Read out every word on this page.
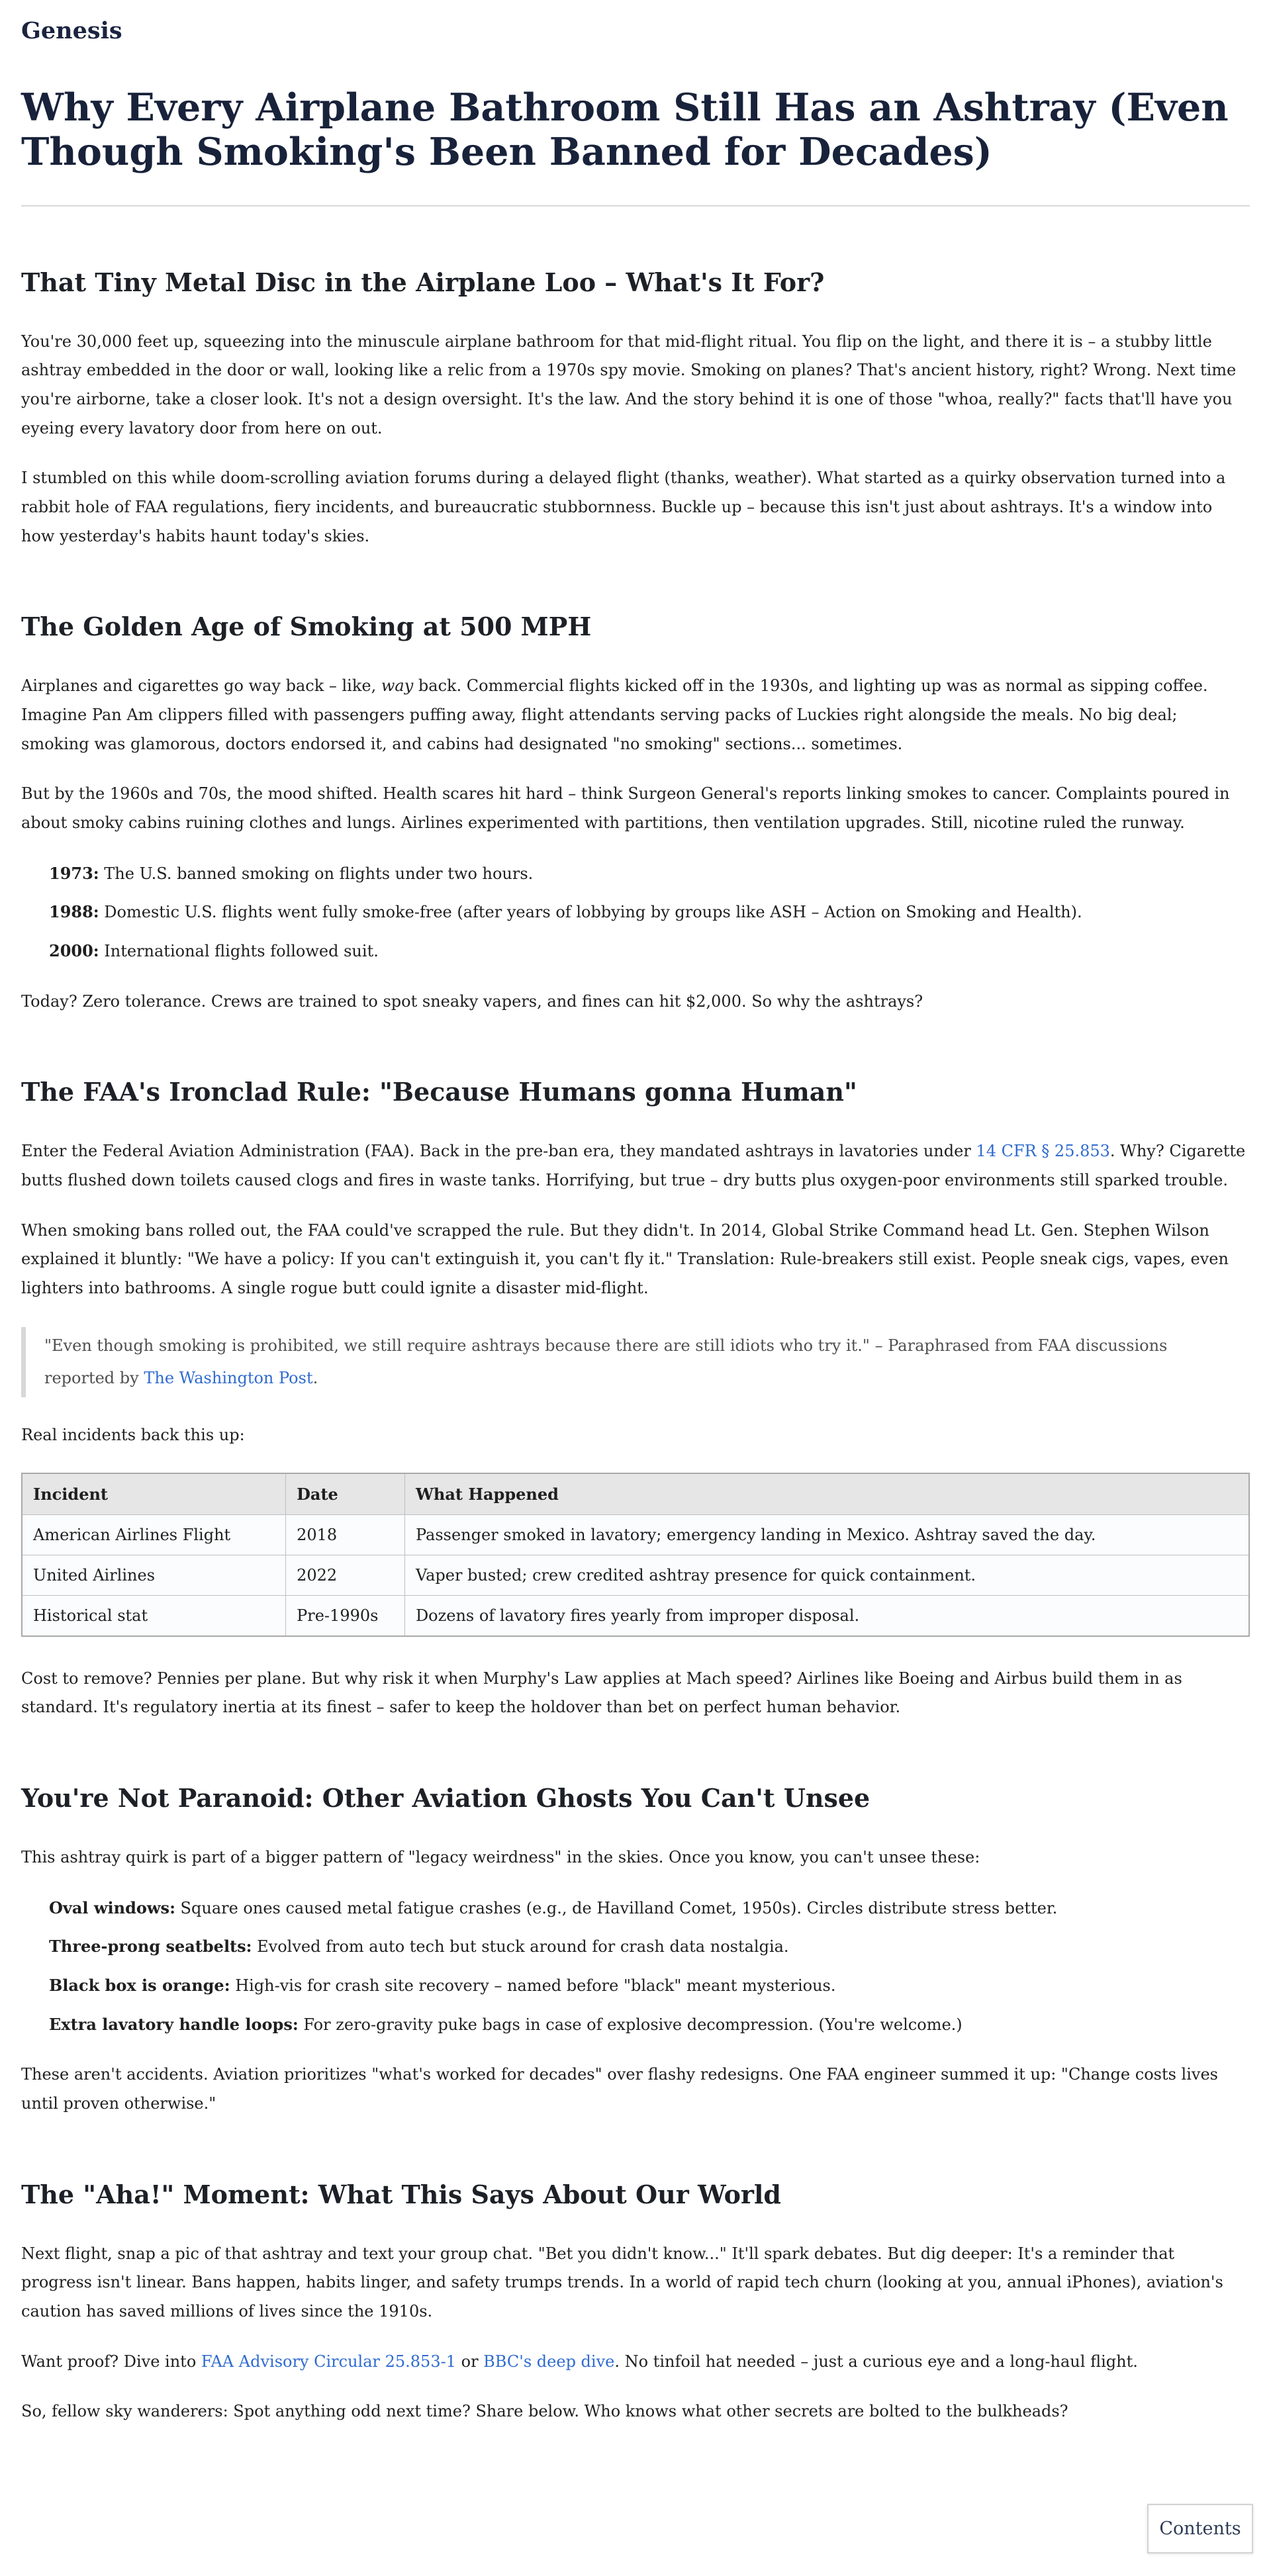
Genesis
Why Every Airplane Bathroom Still Has an Ashtray (Even Though Smoking's Been Banned for Decades)
That Tiny Metal Disc in the Airplane Loo – What's It For?

You're 30,000 feet up, squeezing into the minuscule airplane bathroom for that mid-flight ritual. You flip on the light, and there it is – a stubby little ashtray embedded in the door or wall, looking like a relic from a 1970s spy movie. Smoking on planes? That's ancient history, right? Wrong. Next time you're airborne, take a closer look. It's not a design oversight. It's the law. And the story behind it is one of those "whoa, really?" facts that'll have you eyeing every lavatory door from here on out.

I stumbled on this while doom-scrolling aviation forums during a delayed flight (thanks, weather). What started as a quirky observation turned into a rabbit hole of FAA regulations, fiery incidents, and bureaucratic stubbornness. Buckle up – because this isn't just about ashtrays. It's a window into how yesterday's habits haunt today's skies.

The Golden Age of Smoking at 500 MPH

Airplanes and cigarettes go way back – like, way back. Commercial flights kicked off in the 1930s, and lighting up was as normal as sipping coffee. Imagine Pan Am clippers filled with passengers puffing away, flight attendants serving packs of Luckies right alongside the meals. No big deal; smoking was glamorous, doctors endorsed it, and cabins had designated "no smoking" sections... sometimes.

But by the 1960s and 70s, the mood shifted. Health scares hit hard – think Surgeon General's reports linking smokes to cancer. Complaints poured in about smoky cabins ruining clothes and lungs. Airlines experimented with partitions, then ventilation upgrades. Still, nicotine ruled the runway.

1973: The U.S. banned smoking on flights under two hours.
1988: Domestic U.S. flights went fully smoke-free (after years of lobbying by groups like ASH – Action on Smoking and Health).
2000: International flights followed suit.

Today? Zero tolerance. Crews are trained to spot sneaky vapers, and fines can hit $2,000. So why the ashtrays?

The FAA's Ironclad Rule: "Because Humans gonna Human"

Enter the Federal Aviation Administration (FAA). Back in the pre-ban era, they mandated ashtrays in lavatories under 14 CFR § 25.853. Why? Cigarette butts flushed down toilets caused clogs and fires in waste tanks. Horrifying, but true – dry butts plus oxygen-poor environments still sparked trouble.

When smoking bans rolled out, the FAA could've scrapped the rule. But they didn't. In 2014, Global Strike Command head Lt. Gen. Stephen Wilson explained it bluntly: "We have a policy: If you can't extinguish it, you can't fly it." Translation: Rule-breakers still exist. People sneak cigs, vapes, even lighters into bathrooms. A single rogue butt could ignite a disaster mid-flight.

"Even though smoking is prohibited, we still require ashtrays because there are still idiots who try it." – Paraphrased from FAA discussions reported by The Washington Post.

Real incidents back this up:

Incident	Date	What Happened
American Airlines Flight	2018	Passenger smoked in lavatory; emergency landing in Mexico. Ashtray saved the day.
United Airlines	2022	Vaper busted; crew credited ashtray presence for quick containment.
Historical stat	Pre-1990s	Dozens of lavatory fires yearly from improper disposal.

Cost to remove? Pennies per plane. But why risk it when Murphy's Law applies at Mach speed? Airlines like Boeing and Airbus build them in as standard. It's regulatory inertia at its finest – safer to keep the holdover than bet on perfect human behavior.

You're Not Paranoid: Other Aviation Ghosts You Can't Unsee

This ashtray quirk is part of a bigger pattern of "legacy weirdness" in the skies. Once you know, you can't unsee these:

Oval windows: Square ones caused metal fatigue crashes (e.g., de Havilland Comet, 1950s). Circles distribute stress better.
Three-prong seatbelts: Evolved from auto tech but stuck around for crash data nostalgia.
Black box is orange: High-vis for crash site recovery – named before "black" meant mysterious.
Extra lavatory handle loops: For zero-gravity puke bags in case of explosive decompression. (You're welcome.)

These aren't accidents. Aviation prioritizes "what's worked for decades" over flashy redesigns. One FAA engineer summed it up: "Change costs lives until proven otherwise."

The "Aha!" Moment: What This Says About Our World

Next flight, snap a pic of that ashtray and text your group chat. "Bet you didn't know..." It'll spark debates. But dig deeper: It's a reminder that progress isn't linear. Bans happen, habits linger, and safety trumps trends. In a world of rapid tech churn (looking at you, annual iPhones), aviation's caution has saved millions of lives since the 1910s.

Want proof? Dive into FAA Advisory Circular 25.853-1 or BBC's deep dive. No tinfoil hat needed – just a curious eye and a long-haul flight.

So, fellow sky wanderers: Spot anything odd next time? Share below. Who knows what other secrets are bolted to the bulkheads?

Contents
